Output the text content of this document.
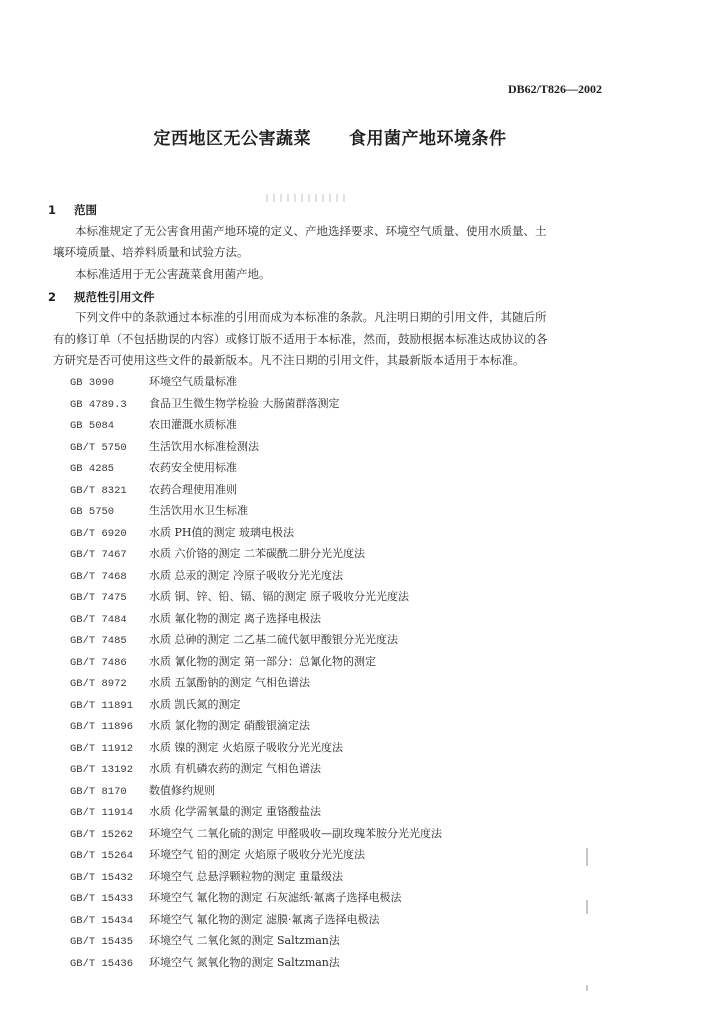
DB62/T826—2002
定西地区无公害蔬菜 食用菌产地环境条件
1 范围
本标准规定了无公害食用菌产地环境的定义、产地选择要求、环境空气质量、使用水质量、土
壤环境质量、培养料质量和试验方法。
本标准适用于无公害蔬菜食用菌产地。
2 规范性引用文件
下列文件中的条款通过本标准的引用而成为本标准的条款。凡注明日期的引用文件，其随后所
有的修订单（不包括勘误的内容）或修订版不适用于本标准，然而，鼓励根据本标准达成协议的各
方研究是否可使用这些文件的最新版本。凡不注日期的引用文件，其最新版本适用于本标准。
GB 3090	环境空气质量标准
GB 4789.3 食品卫生微生物学检验 大肠菌群落测定
GB 5084	农田灌溉水质标准
GB/T 5750 生活饮用水标准检测法
GB 4285	农药安全使用标准
GB/T 8321 农药合理使用准则
GB 5750	生活饮用水卫生标准
GB/T 6920 水质 PH值的测定 玻璃电极法
GB/T 7467 水质 六价铬的测定 二苯碳酰二肼分光光度法
GB/T 7468 水质 总汞的测定 冷原子吸收分光光度法
GB/T 7475 水质 铜、锌、铅、镉、镉的测定 原子吸收分光光度法
GB/T 7484 水质 氟化物的测定 离子选择电极法
GB/T 7485 水质 总砷的测定 二乙基二硫代氨甲酸银分光光度法
GB/T 7486 水质 氰化物的测定 第一部分：总氰化物的测定
GB/T 8972 水质 五氯酚钠的测定 气相色谱法
GB/T 11891 水质 凯氏氮的测定
GB/T 11896 水质 氯化物的测定 硝酸银滴定法
GB/T 11912 水质 镍的测定 火焰原子吸收分光光度法
GB/T 13192 水质 有机磷农药的测定 气相色谱法
GB/T 8170 数值修约规则
GB/T 11914 水质 化学需氧量的测定 重铬酸盐法
GB/T 15262 环境空气 二氧化硫的测定 甲醛吸收—副玫瑰苯胺分光光度法
GB/T 15264 环境空气 铅的测定 火焰原子吸收分光光度法
GB/T 15432 环境空气 总悬浮颗粒物的测定 重量级法
GB/T 15433 环境空气 氟化物的测定 石灰滤纸·氟离子选择电极法
GB/T 15434 环境空气 氟化物的测定 滤膜·氟离子选择电极法
GB/T 15435 环境空气 二氧化氮的测定 Saltzman法
GB/T 15436 环境空气 氮氧化物的测定 Saltzman法
